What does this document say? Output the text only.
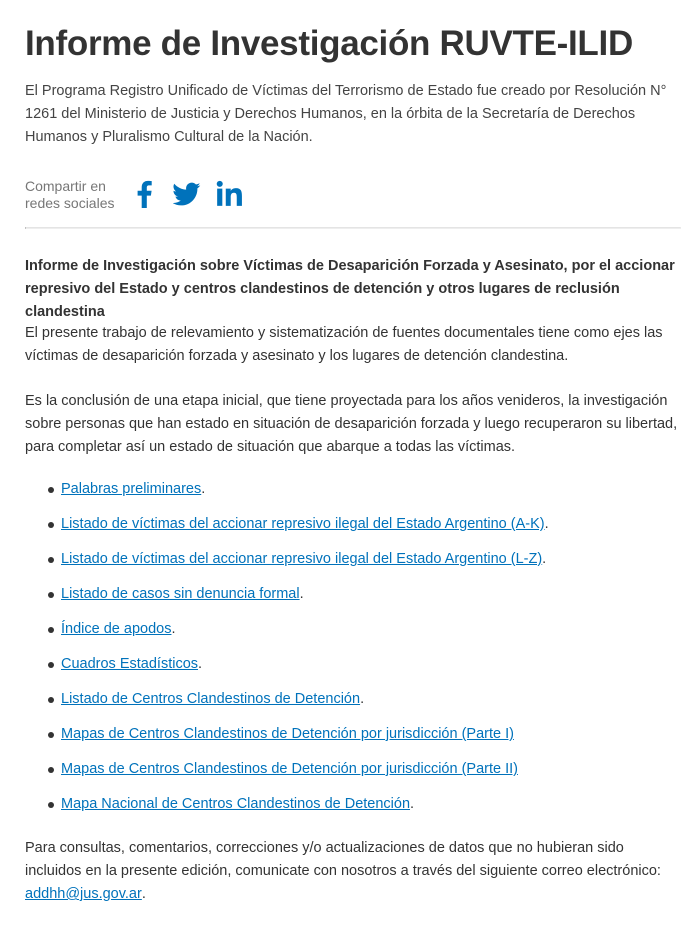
Informe de Investigación RUVTE-ILID

El Programa Registro Unificado de Víctimas del Terrorismo de Estado fue creado por Resolución N° 1261 del Ministerio de Justicia y Derechos Humanos, en la órbita de la Secretaría de Derechos Humanos y Pluralismo Cultural de la Nación.

Compartir en redes sociales

Informe de Investigación sobre Víctimas de Desaparición Forzada y Asesinato, por el accionar represivo del Estado y centros clandestinos de detención y otros lugares de reclusión clandestina

El presente trabajo de relevamiento y sistematización de fuentes documentales tiene como ejes las víctimas de desaparición forzada y asesinato y los lugares de detención clandestina.

Es la conclusión de una etapa inicial, que tiene proyectada para los años venideros, la investigación sobre personas que han estado en situación de desaparición forzada y luego recuperaron su libertad, para completar así un estado de situación que abarque a todas las víctimas.

Palabras preliminares.
Listado de víctimas del accionar represivo ilegal del Estado Argentino (A-K).
Listado de víctimas del accionar represivo ilegal del Estado Argentino (L-Z).
Listado de casos sin denuncia formal.
Índice de apodos.
Cuadros Estadísticos.
Listado de Centros Clandestinos de Detención.
Mapas de Centros Clandestinos de Detención por jurisdicción (Parte I)
Mapas de Centros Clandestinos de Detención por jurisdicción (Parte II)
Mapa Nacional de Centros Clandestinos de Detención.

Para consultas, comentarios, correcciones y/o actualizaciones de datos que no hubieran sido incluidos en la presente edición, comunicate con nosotros a través del siguiente correo electrónico: addhh@jus.gov.ar.
